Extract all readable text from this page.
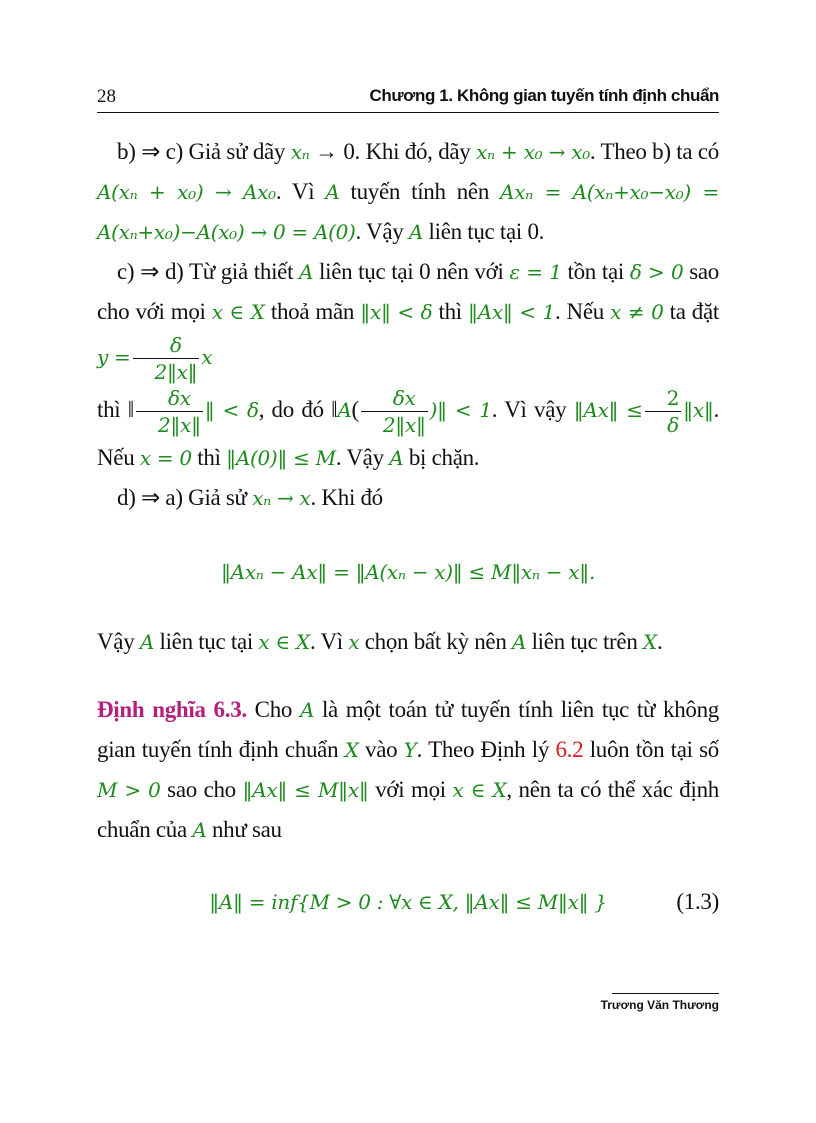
28	Chương 1. Không gian tuyến tính định chuẩn

b) ⇒ c) Giả sử dãy xₙ → 0. Khi đó, dãy xₙ + x₀ → x₀. Theo b) ta có A(xₙ + x₀) → Ax₀. Vì A tuyến tính nên Axₙ = A(xₙ+x₀−x₀) = A(xₙ+x₀)−A(x₀) → 0 = A(0). Vậy A liên tục tại 0.

c) ⇒ d) Từ giả thiết A liên tục tại 0 nên với ε = 1 tồn tại δ > 0 sao cho với mọi x ∈ X thoả mãn ‖x‖ < δ thì ‖Ax‖ < 1. Nếu x ≠ 0 ta đặt $y = \frac{\delta}{2‖x‖}$ x
thì ‖ $\frac{\delta x}{2‖x‖}$ ‖ < δ, do đó ‖A( $\frac{\delta x}{2‖x‖}$ )‖ < 1. Vì vậy ‖Ax‖ ≤ $\frac{2}{\delta}$ ‖x‖. Nếu x = 0 thì ‖A(0)‖ ≤ M. Vậy A bị chặn.

d) ⇒ a) Giả sử xₙ → x. Khi đó

‖Axₙ − Ax‖ = ‖A(xₙ − x)‖ ≤ M‖xₙ − x‖.

Vậy A liên tục tại x ∈ X. Vì x chọn bất kỳ nên A liên tục trên X.

Định nghĩa 6.3. Cho A là một toán tử tuyến tính liên tục từ không gian tuyến tính định chuẩn X vào Y. Theo Định lý 6.2 luôn tồn tại số M > 0 sao cho ‖Ax‖ ≤ M‖x‖ với mọi x ∈ X, nên ta có thể xác định chuẩn của A như sau

‖A‖ = inf{M > 0 : ∀x ∈ X, ‖Ax‖ ≤ M‖x‖ }	(1.3)
Trương Văn Thương
